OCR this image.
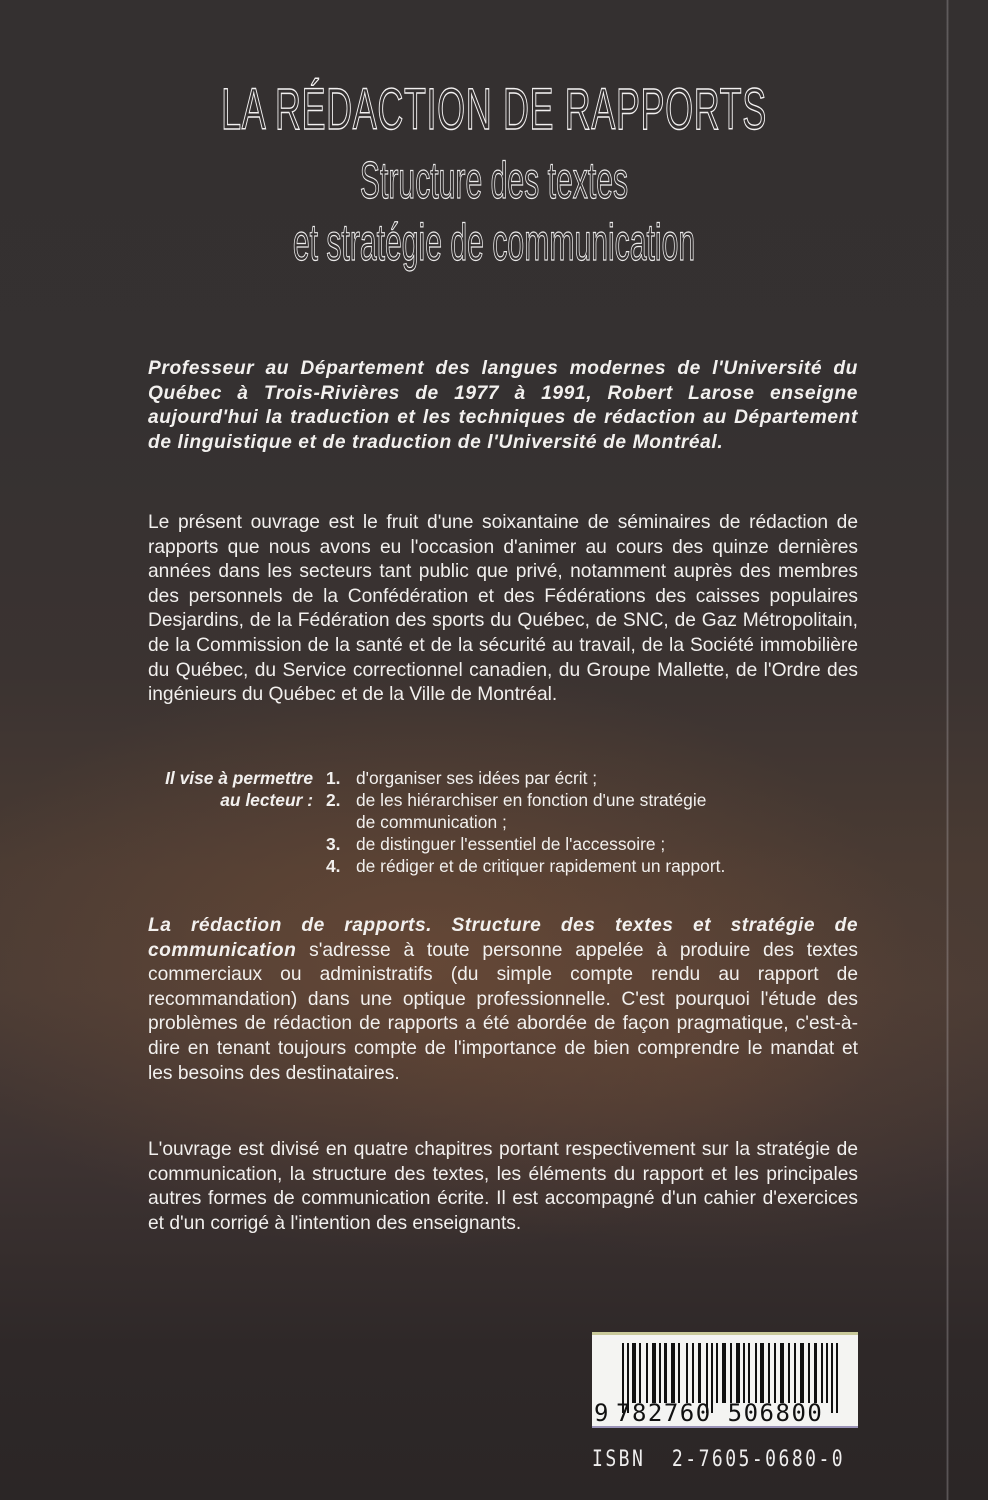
LA RÉDACTION DE RAPPORTS
Structure des textes
et stratégie de communication

Professeur au Département des langues modernes de l'Université du Québec à Trois-Rivières de 1977 à 1991, Robert Larose enseigne aujourd'hui la traduction et les techniques de rédaction au Département de linguistique et de traduction de l'Université de Montréal.

Le présent ouvrage est le fruit d'une soixantaine de séminaires de rédaction de rapports que nous avons eu l'occasion d'animer au cours des quinze dernières années dans les secteurs tant public que privé, notamment auprès des membres des personnels de la Confédération et des Fédérations des caisses populaires Desjardins, de la Fédération des sports du Québec, de SNC, de Gaz Métropolitain, de la Commission de la santé et de la sécurité au travail, de la Société immobilière du Québec, du Service correctionnel canadien, du Groupe Mallette, de l'Ordre des ingénieurs du Québec et de la Ville de Montréal.

Il vise à permettre
au lecteur :
1. d'organiser ses idées par écrit ;
2. de les hiérarchiser en fonction d'une stratégie de communication ;
3. de distinguer l'essentiel de l'accessoire ;
4. de rédiger et de critiquer rapidement un rapport.

La rédaction de rapports. Structure des textes et stratégie de communication s'adresse à toute personne appelée à produire des textes commerciaux ou administratifs (du simple compte rendu au rapport de recommandation) dans une optique professionnelle. C'est pourquoi l'étude des problèmes de rédaction de rapports a été abordée de façon pragmatique, c'est-à-dire en tenant toujours compte de l'importance de bien comprendre le mandat et les besoins des destinataires.

L'ouvrage est divisé en quatre chapitres portant respectivement sur la stratégie de communication, la structure des textes, les éléments du rapport et les principales autres formes de communication écrite. Il est accompagné d'un cahier d'exercices et d'un corrigé à l'intention des enseignants.

9 782760 506800
ISBN  2-7605-0680-0
